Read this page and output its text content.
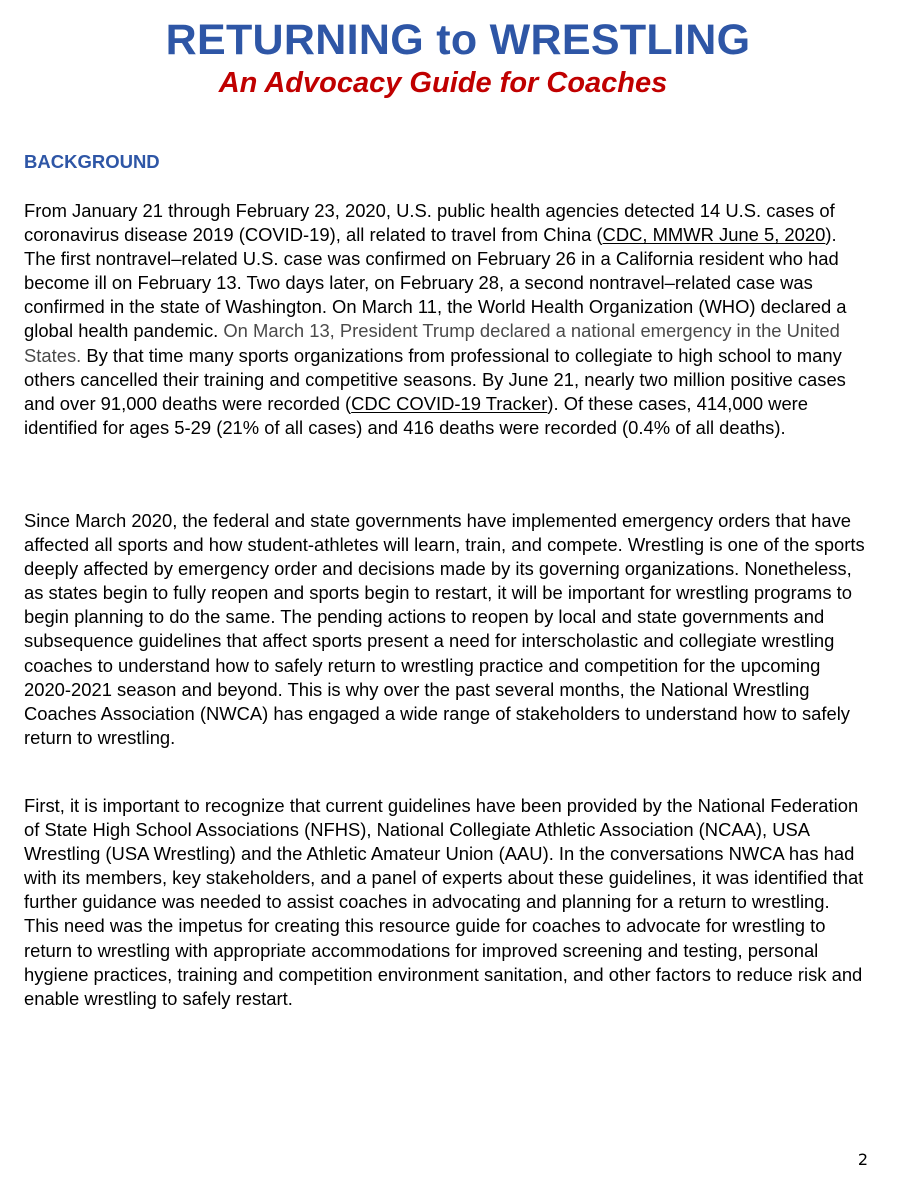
RETURNING to WRESTLING
An Advocacy Guide for Coaches
BACKGROUND

From January 21 through February 23, 2020, U.S. public health agencies detected 14 U.S. cases of coronavirus disease 2019 (COVID-19), all related to travel from China (CDC, MMWR June 5, 2020). The first nontravel–related U.S. case was confirmed on February 26 in a California resident who had become ill on February 13. Two days later, on February 28, a second nontravel–related case was confirmed in the state of Washington. On March 11, the World Health Organization (WHO) declared a global health pandemic. On March 13, President Trump declared a national emergency in the United States. By that time many sports organizations from professional to collegiate to high school to many others cancelled their training and competitive seasons. By June 21, nearly two million positive cases and over 91,000 deaths were recorded (CDC COVID-19 Tracker). Of these cases, 414,000 were identified for ages 5-29 (21% of all cases) and 416 deaths were recorded (0.4% of all deaths).

Since March 2020, the federal and state governments have implemented emergency orders that have affected all sports and how student-athletes will learn, train, and compete. Wrestling is one of the sports deeply affected by emergency order and decisions made by its governing organizations. Nonetheless, as states begin to fully reopen and sports begin to restart, it will be important for wrestling programs to begin planning to do the same. The pending actions to reopen by local and state governments and subsequence guidelines that affect sports present a need for interscholastic and collegiate wrestling coaches to understand how to safely return to wrestling practice and competition for the upcoming 2020-2021 season and beyond. This is why over the past several months, the National Wrestling Coaches Association (NWCA) has engaged a wide range of stakeholders to understand how to safely return to wrestling.

First, it is important to recognize that current guidelines have been provided by the National Federation of State High School Associations (NFHS), National Collegiate Athletic Association (NCAA), USA Wrestling (USA Wrestling) and the Athletic Amateur Union (AAU). In the conversations NWCA has had with its members, key stakeholders, and a panel of experts about these guidelines, it was identified that further guidance was needed to assist coaches in advocating and planning for a return to wrestling. This need was the impetus for creating this resource guide for coaches to advocate for wrestling to return to wrestling with appropriate accommodations for improved screening and testing, personal hygiene practices, training and competition environment sanitation, and other factors to reduce risk and enable wrestling to safely restart.

2
